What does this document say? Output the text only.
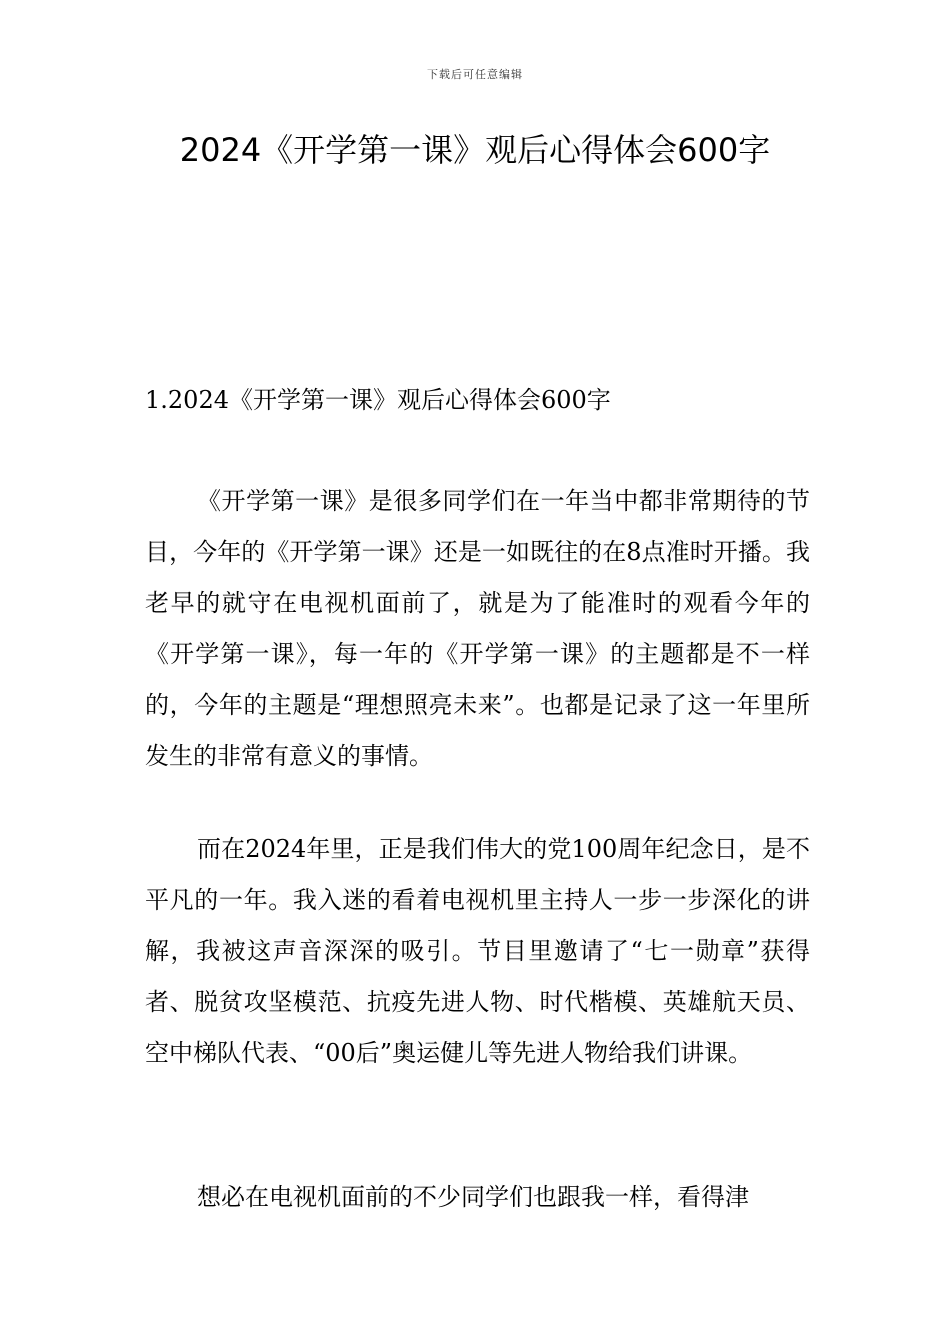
下载后可任意编辑
2024《开学第一课》观后心得体会600字
1.2024《开学第一课》观后心得体会600字

《开学第一课》是很多同学们在一年当中都非常期待的节目，今年的《开学第一课》还是一如既往的在8点准时开播。我老早的就守在电视机面前了，就是为了能准时的观看今年的《开学第一课》，每一年的《开学第一课》的主题都是不一样的，今年的主题是“理想照亮未来”。也都是记录了这一年里所发生的非常有意义的事情。

而在2024年里，正是我们伟大的党100周年纪念日，是不平凡的一年。我入迷的看着电视机里主持人一步一步深化的讲解，我被这声音深深的吸引。节目里邀请了“七一勋章”获得者、脱贫攻坚模范、抗疫先进人物、时代楷模、英雄航天员、空中梯队代表、“00后”奥运健儿等先进人物给我们讲课。

想必在电视机面前的不少同学们也跟我一样，看得津
